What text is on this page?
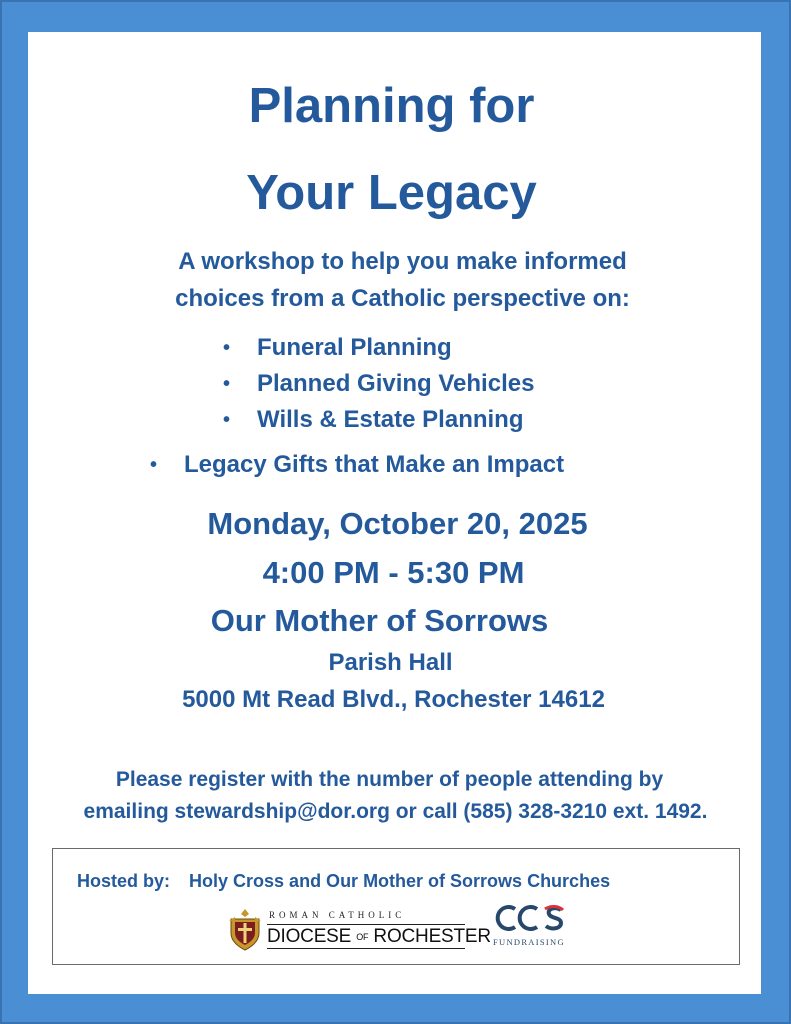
Planning for
Your Legacy
A workshop to help you make informed
choices from a Catholic perspective on:
• Funeral Planning
• Planned Giving Vehicles
• Wills & Estate Planning
• Legacy Gifts that Make an Impact
Monday, October 20, 2025
4:00 PM - 5:30 PM
Our Mother of Sorrows
Parish Hall
5000 Mt Read Blvd., Rochester 14612
Please register with the number of people attending by
emailing stewardship@dor.org or call (585) 328-3210 ext. 1492.
Hosted by: Holy Cross and Our Mother of Sorrows Churches
ROMAN CATHOLIC
DIOCESE OF ROCHESTER FUNDRAISING
